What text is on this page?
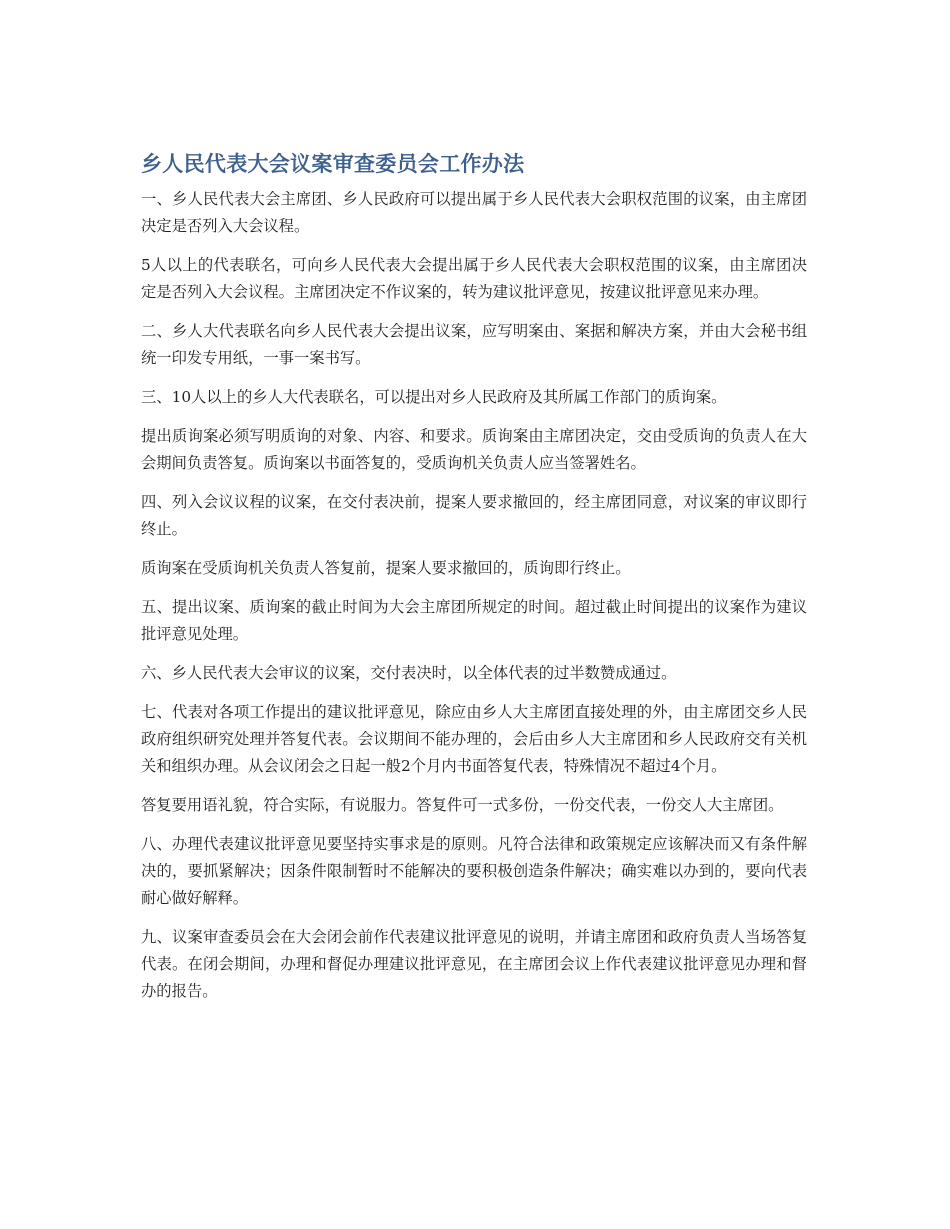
乡人民代表大会议案审查委员会工作办法

一、乡人民代表大会主席团、乡人民政府可以提出属于乡人民代表大会职权范围的议案，由主席团决定是否列入大会议程。

5人以上的代表联名，可向乡人民代表大会提出属于乡人民代表大会职权范围的议案，由主席团决定是否列入大会议程。主席团决定不作议案的，转为建议批评意见，按建议批评意见来办理。

二、乡人大代表联名向乡人民代表大会提出议案，应写明案由、案据和解决方案，并由大会秘书组统一印发专用纸，一事一案书写。

三、10人以上的乡人大代表联名，可以提出对乡人民政府及其所属工作部门的质询案。

提出质询案必须写明质询的对象、内容、和要求。质询案由主席团决定，交由受质询的负责人在大会期间负责答复。质询案以书面答复的，受质询机关负责人应当签署姓名。

四、列入会议议程的议案，在交付表决前，提案人要求撤回的，经主席团同意，对议案的审议即行终止。

质询案在受质询机关负责人答复前，提案人要求撤回的，质询即行终止。

五、提出议案、质询案的截止时间为大会主席团所规定的时间。超过截止时间提出的议案作为建议批评意见处理。

六、乡人民代表大会审议的议案，交付表决时，以全体代表的过半数赞成通过。

七、代表对各项工作提出的建议批评意见，除应由乡人大主席团直接处理的外，由主席团交乡人民政府组织研究处理并答复代表。会议期间不能办理的，会后由乡人大主席团和乡人民政府交有关机关和组织办理。从会议闭会之日起一般2个月内书面答复代表，特殊情况不超过4个月。

答复要用语礼貌，符合实际，有说服力。答复件可一式多份，一份交代表，一份交人大主席团。

八、办理代表建议批评意见要坚持实事求是的原则。凡符合法律和政策规定应该解决而又有条件解决的，要抓紧解决；因条件限制暂时不能解决的要积极创造条件解决；确实难以办到的，要向代表耐心做好解释。

九、议案审查委员会在大会闭会前作代表建议批评意见的说明，并请主席团和政府负责人当场答复代表。在闭会期间，办理和督促办理建议批评意见，在主席团会议上作代表建议批评意见办理和督办的报告。
